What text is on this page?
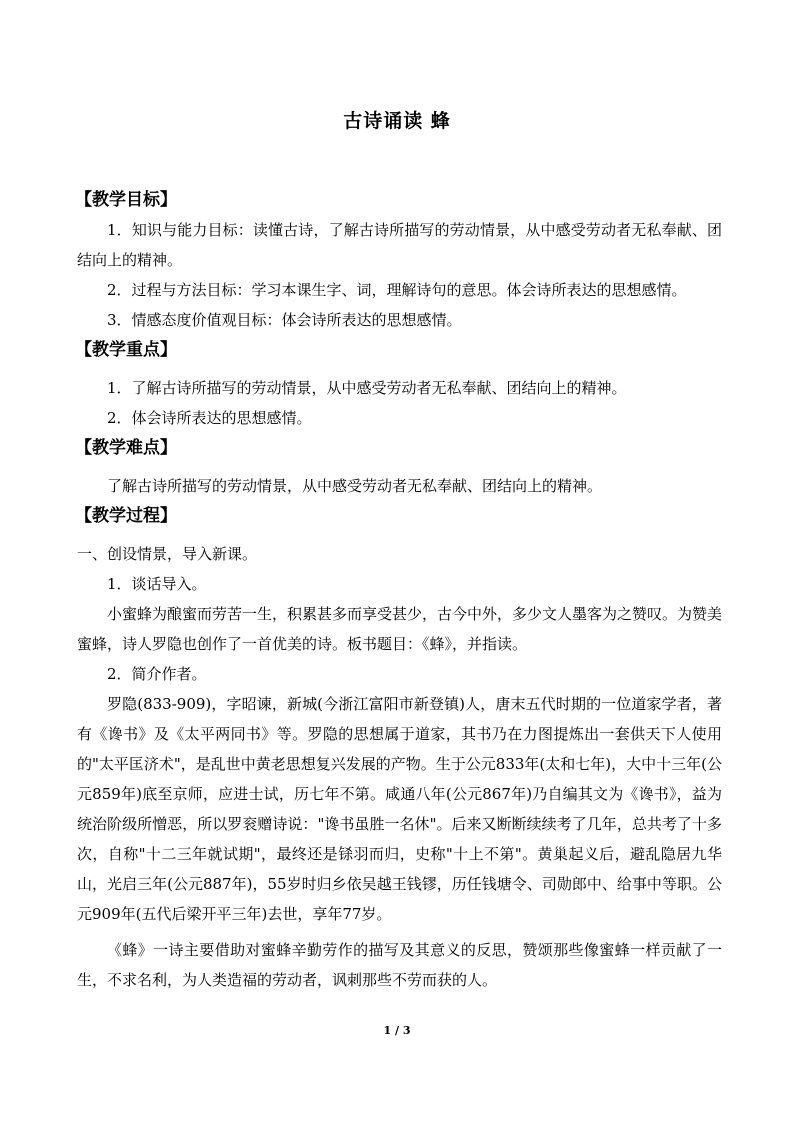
古诗诵读 蜂
【教学目标】
1．知识与能力目标：读懂古诗，了解古诗所描写的劳动情景，从中感受劳动者无私奉献、团结向上的精神。
2．过程与方法目标：学习本课生字、词，理解诗句的意思。体会诗所表达的思想感情。
3．情感态度价值观目标：体会诗所表达的思想感情。
【教学重点】
1．了解古诗所描写的劳动情景，从中感受劳动者无私奉献、团结向上的精神。
2．体会诗所表达的思想感情。
【教学难点】
了解古诗所描写的劳动情景，从中感受劳动者无私奉献、团结向上的精神。
【教学过程】
一、创设情景，导入新课。
1．谈话导入。
小蜜蜂为酿蜜而劳苦一生，积累甚多而享受甚少，古今中外，多少文人墨客为之赞叹。为赞美蜜蜂，诗人罗隐也创作了一首优美的诗。板书题目：《蜂》，并指读。
2．简介作者。
罗隐(833-909)，字昭谏，新城(今浙江富阳市新登镇)人，唐末五代时期的一位道家学者，著有《谗书》及《太平两同书》等。罗隐的思想属于道家，其书乃在力图提炼出一套供天下人使用的"太平匡济术"，是乱世中黄老思想复兴发展的产物。生于公元833年(太和七年)，大中十三年(公元859年)底至京师，应进士试，历七年不第。咸通八年(公元867年)乃自编其文为《谗书》，益为统治阶级所憎恶，所以罗衮赠诗说："谗书虽胜一名休"。后来又断断续续考了几年，总共考了十多次，自称"十二三年就试期"，最终还是铩羽而归，史称"十上不第"。黄巢起义后，避乱隐居九华山，光启三年(公元887年)，55岁时归乡依吴越王钱镠，历任钱塘令、司勋郎中、给事中等职。公元909年(五代后梁开平三年)去世，享年77岁。
《蜂》一诗主要借助对蜜蜂辛勤劳作的描写及其意义的反思，赞颂那些像蜜蜂一样贡献了一生，不求名利，为人类造福的劳动者，讽刺那些不劳而获的人。
1 / 3
